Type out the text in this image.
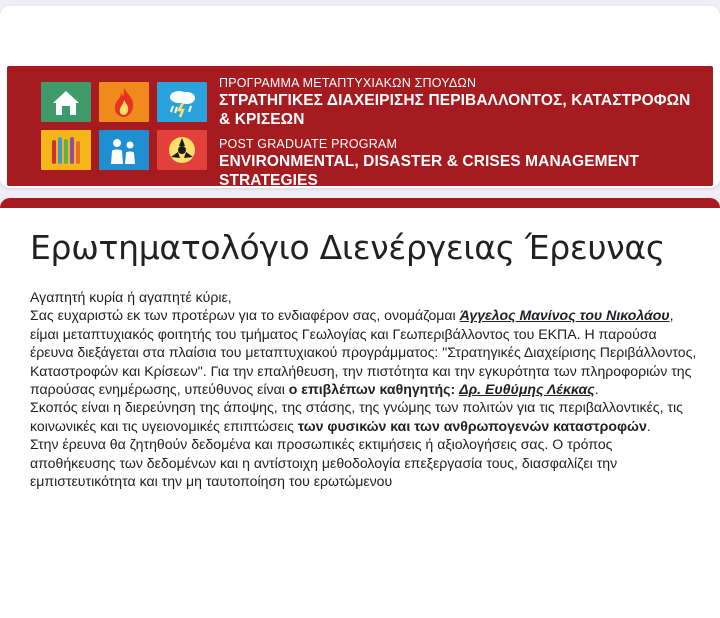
ΠΡΟΓΡΑΜΜΑ ΜΕΤΑΠΤΥΧΙΑΚΩΝ ΣΠΟΥΔΩΝ
ΣΤΡΑΤΗΓΙΚΕΣ ΔΙΑΧΕΙΡΙΣΗΣ ΠΕΡΙΒΑΛΛΟΝΤΟΣ, ΚΑΤΑΣΤΡΟΦΩΝ & ΚΡΙΣΕΩΝ
POST GRADUATE PROGRAM
ENVIRONMENTAL, DISASTER & CRISES MANAGEMENT STRATEGIES
Ερωτηματολόγιο Διενέργειας Έρευνας

Αγαπητή κυρία ή αγαπητέ κύριε,

Σας ευχαριστώ εκ των προτέρων για το ενδιαφέρον σας, ονομάζομαι Άγγελος Μανίνος του Νικολάου, είμαι μεταπτυχιακός φοιτητής του τμήματος Γεωλογίας και Γεωπεριβάλλοντος του ΕΚΠΑ. Η παρούσα έρευνα διεξάγεται στα πλαίσια του μεταπτυχιακού προγράμματος: "Στρατηγικές Διαχείρισης Περιβάλλοντος, Καταστροφών και Κρίσεων". Για την επαλήθευση, την πιστότητα και την εγκυρότητα των πληροφοριών της παρούσας ενημέρωσης, υπεύθυνος είναι ο επιβλέπων καθηγητής: Δρ. Ευθύμης Λέκκας.

Σκοπός είναι η διερεύνηση της άποψης, της στάσης, της γνώμης των πολιτών για τις περιβαλλοντικές, τις κοινωνικές και τις υγειονομικές επιπτώσεις των φυσικών και των ανθρωπογενών καταστροφών.

Στην έρευνα θα ζητηθούν δεδομένα και προσωπικές εκτιμήσεις ή αξιολογήσεις σας. Ο τρόπος αποθήκευσης των δεδομένων και η αντίστοιχη μεθοδολογία επεξεργασία τους, διασφαλίζει την εμπιστευτικότητα και την μη ταυτοποίηση του ερωτώμενου
